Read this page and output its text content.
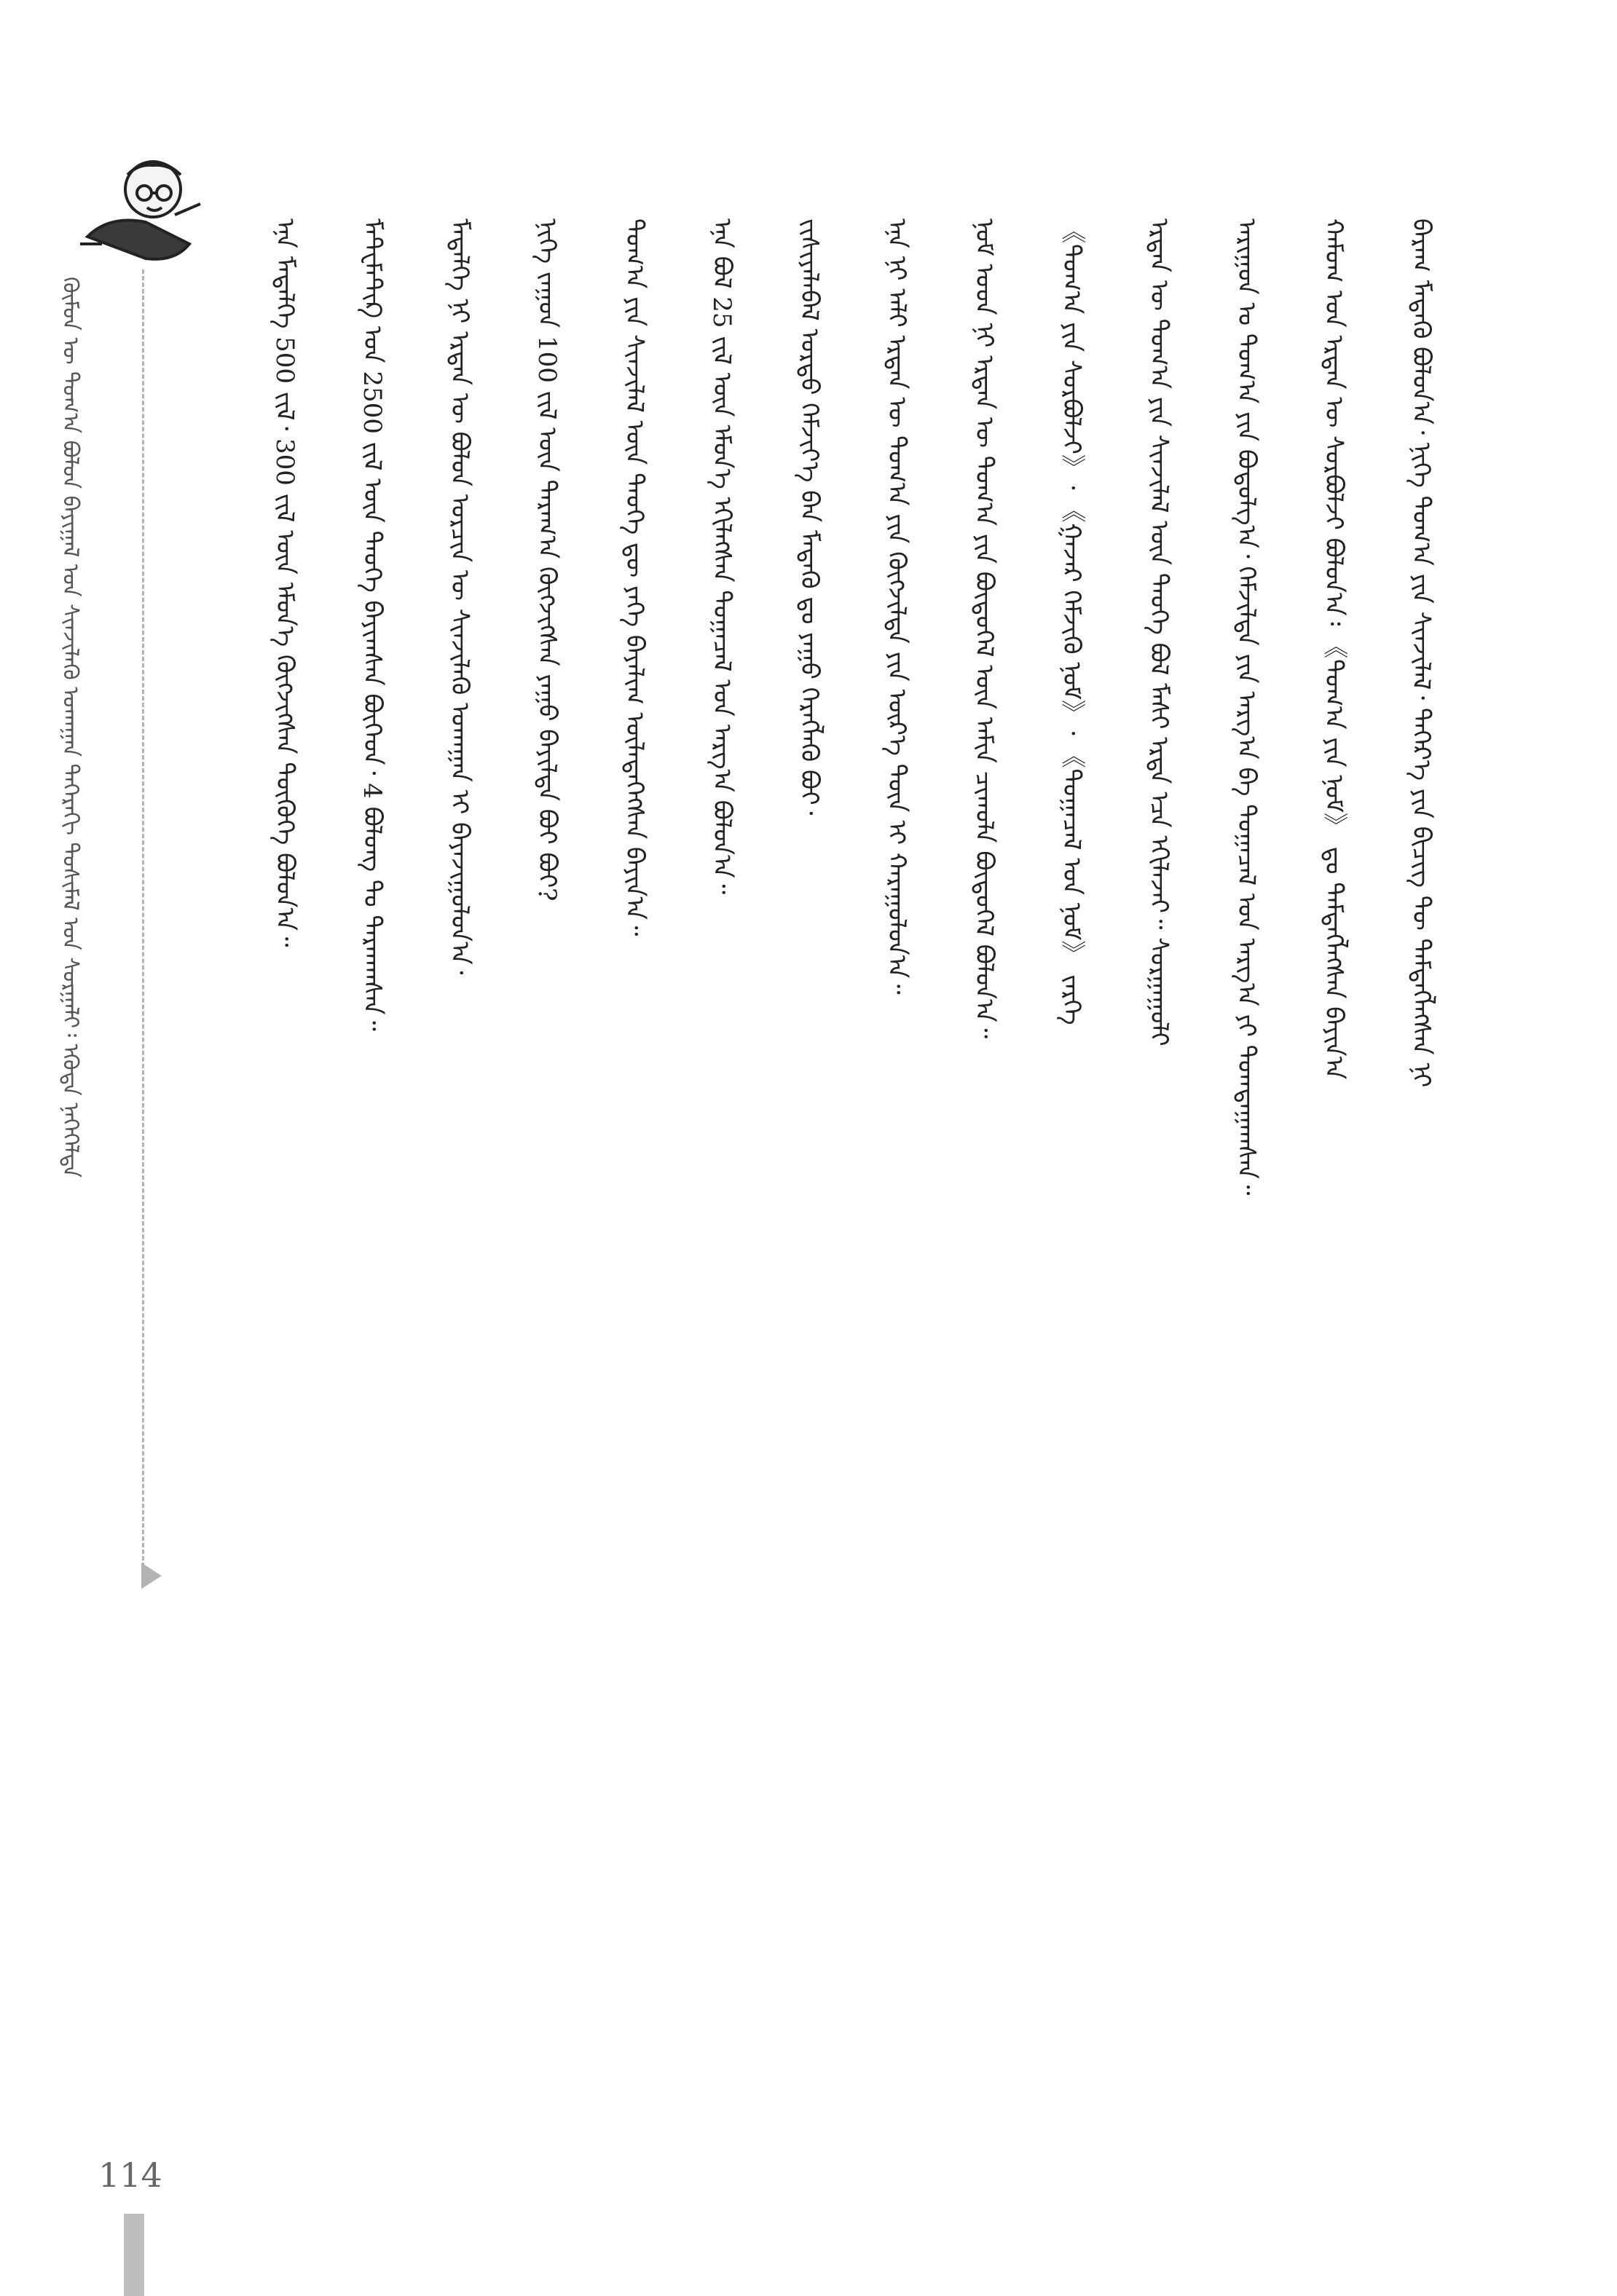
ᠬᠦᠮᠦᠨ ᠦ ᠲᠤᠭ᠎ᠠ ᠪᠣᠯᠣᠨ ᠪᠠᠶᠢᠭᠠᠯ ᠤᠨ ᠰᠢᠨᠵᠢᠯᠡᠬᠦ ᠤᠬᠠᠭᠠᠨ ᠳᠡᠭᠡᠷᠡᠬᠢ ᠲᠤᠰᠢᠮᠡᠯ ᠤᠨ ᠰᠤᠷᠭᠠᠯᠢ᠄ ᠡᠭᠦᠳᠡ ᠨᠡᠭᠡᠭᠡᠯᠲᠡ	ᠪᠠᠷᠠᠭ ᠮᠡᠳᠡᠬᠦ ᠪᠣᠯᠤᠨ᠎ᠠ᠂ ᠨᠢᠭᠡ ᠲᠣᠭ᠎ᠠ ᠶᠢᠨ ᠰᠢᠨᠵᠢᠯᠡᠯ᠂ ᠳᠡᠭᠡᠷ᠎ᠡ ᠶᠢᠨ ᠪᠢᠴᠢᠭ ᠲᠦ ᠲᠡᠮᠳᠡᠭᠯᠡᠭᠰᠡᠨ ᠨᠢ
ᠬᠠᠮᠤᠭ ᠤᠨ ᠡᠷᠲᠡᠨ ᠦ ᠰᠤᠷᠪᠤᠯᠵᠢ ᠪᠣᠯᠤᠨ᠎ᠠ᠄ 《ᠲᠣᠭ᠎ᠠ ᠶᠢᠨ ᠨᠣᠮ》 ᠳᠤ ᠲᠡᠮᠳᠡᠭᠯᠡᠭᠰᠡᠨ ᠪᠠᠶᠢᠨ᠎ᠠ
ᠠᠷᠢᠭᠤᠨ ᠤ ᠲᠣᠭ᠎ᠠ ᠶᠢᠨ ᠪᠣᠳᠤᠯᠭ᠎ᠠ᠂ ᠬᠡᠮᠵᠢᠯᠲᠡ ᠶᠢᠨ ᠠᠷᠭ᠎ᠠ ᠪᠠ ᠲᠣᠭᠠᠴᠠᠯ ᠤᠨ ᠠᠷᠭ᠎ᠠ ᠶᠢ ᠲᠣᠭᠲᠠᠭᠠᠭᠰᠠᠨ᠃
ᠡᠷᠲᠡᠨ ᠦ ᠲᠣᠭ᠎ᠠ ᠶᠢᠨ ᠰᠢᠨᠵᠢᠯᠡᠯ ᠦᠨ ᠲᠡᠦᠬᠡ ᠪᠣᠯ ᠮᠠᠰᠢ ᠡᠷᠲᠡ ᠡᠴᠡ ᠡᠬᠢᠯᠡᠵᠡᠢ᠃ ᠰᠤᠷᠭᠠᠭᠤᠯᠢ
《ᠲᠣᠭ᠎ᠠ ᠶᠢᠨ ᠰᠤᠷᠪᠤᠯᠵᠢ》᠂ 《ᠭᠠᠵᠠᠷ ᠬᠡᠮᠵᠢᠬᠦ ᠨᠣᠮ》᠂ 《ᠲᠣᠭᠠᠴᠠᠯ ᠤᠨ ᠨᠣᠮ》 ᠵᠡᠷᠭᠡ
ᠨᠣᠮ ᠤᠳ ᠨᠢ ᠡᠷᠲᠡᠨ ᠦ ᠲᠣᠭ᠎ᠠ ᠶᠢᠨ ᠪᠦᠲᠦᠭᠡᠯ ᠦᠨ ᠠᠮᠢᠨ ᠴᠢᠬᠤᠯᠠ ᠪᠦᠲᠦᠭᠡᠯ ᠪᠣᠯᠤᠨ᠎ᠠ᠃
ᠡᠨᠡ ᠨᠢ ᠠᠯᠢ ᠡᠷᠲᠡᠨ ᠦ ᠲᠣᠭ᠎ᠠ ᠶᠢᠨ ᠬᠥᠭᠵᠢᠯᠲᠡ ᠶᠢᠨ ᠦᠷ᠎ᠡ ᠳᠦᠨ ᠢ ᠬᠠᠷᠠᠭᠤᠯᠤᠨ᠎ᠠ᠃
ᠵᠢᠱᠢᠶᠡᠯᠡᠪᠡᠯ ᠤᠷᠲᠤ ᠬᠡᠮᠵᠢᠶ᠎ᠡ ᠪᠠᠨ ᠮᠡᠳᠡᠬᠦ ᠳᠤ ᠶᠠᠭᠤ ᠬᠡᠷᠡᠭᠯᠡᠬᠦ ᠪᠤᠢ᠂
ᠡᠨᠡ ᠪᠣᠯ 25 ᠵᠢᠯ ᠦᠨ ᠡᠮᠦᠨ᠎ᠡ ᠡᠬᠢᠯᠡᠭᠰᠡᠨ ᠲᠣᠭᠠᠴᠠᠯ ᠤᠨ ᠠᠷᠭ᠎ᠠ ᠪᠣᠯᠤᠨ᠎ᠠ᠃
ᠲᠣᠭ᠎ᠠ ᠶᠢᠨ ᠰᠢᠨᠵᠢᠯᠡᠯ ᠦᠨ ᠲᠡᠦᠬᠡ ᠳᠦ ᠶᠡᠬᠡ ᠪᠠᠶᠠᠯᠢᠭ ᠦᠯᠡᠳᠡᠭᠡᠭᠰᠡᠨ ᠪᠠᠶᠢᠨ᠎ᠠ᠃
ᠨᠢᠭᠡ ᠵᠠᠭᠤᠨ 100 ᠵᠢᠯ ᠦᠨ ᠳᠠᠷᠠᠭ᠎ᠠ ᠬᠥᠭᠵᠢᠭᠰᠡᠨ ᠶᠠᠭᠤ ᠪᠠᠶᠢᠯᠲᠠ ᠪᠤᠢ ᠪᠤᠢ?
ᠮᠡᠳᠡᠯᠭᠡ ᠨᠢ ᠡᠷᠲᠡᠨ ᠦ ᠪᠣᠯᠣᠨ ᠣᠷᠴᠢᠨ ᠦ ᠰᠢᠨᠵᠢᠯᠡᠬᠦ ᠤᠬᠠᠭᠠᠨ ᠢ ᠪᠠᠶᠠᠵᠢᠭᠤᠯᠤᠨ᠎ᠠ᠂
ᠮᠠᠲ᠋ᠸᠮᠠᠲ᠋ᠢᠺ ᠤᠨ 2500 ᠵᠢᠯ ᠦᠨ ᠲᠡᠦᠬᠡ ᠪᠠᠶᠢᠭᠰᠠᠨ ᠪᠥᠭᠡᠳ᠂ 4 ᠪᠤᠯᠤᠩ ᠲᠤ ᠲᠠᠷᠬᠠᠭᠰᠠᠨ᠃
ᠡᠨᠡ ᠮᠡᠳᠡᠯᠭᠡ 500 ᠵᠢᠯ᠂ 300 ᠵᠢᠯ ᠦᠨ ᠡᠮᠦᠨ᠎ᠡ ᠬᠥᠭᠵᠢᠭᠰᠡᠨ ᠲᠦᠭᠦᠬᠡ ᠪᠣᠯᠤᠨ᠎ᠠ᠃
114
